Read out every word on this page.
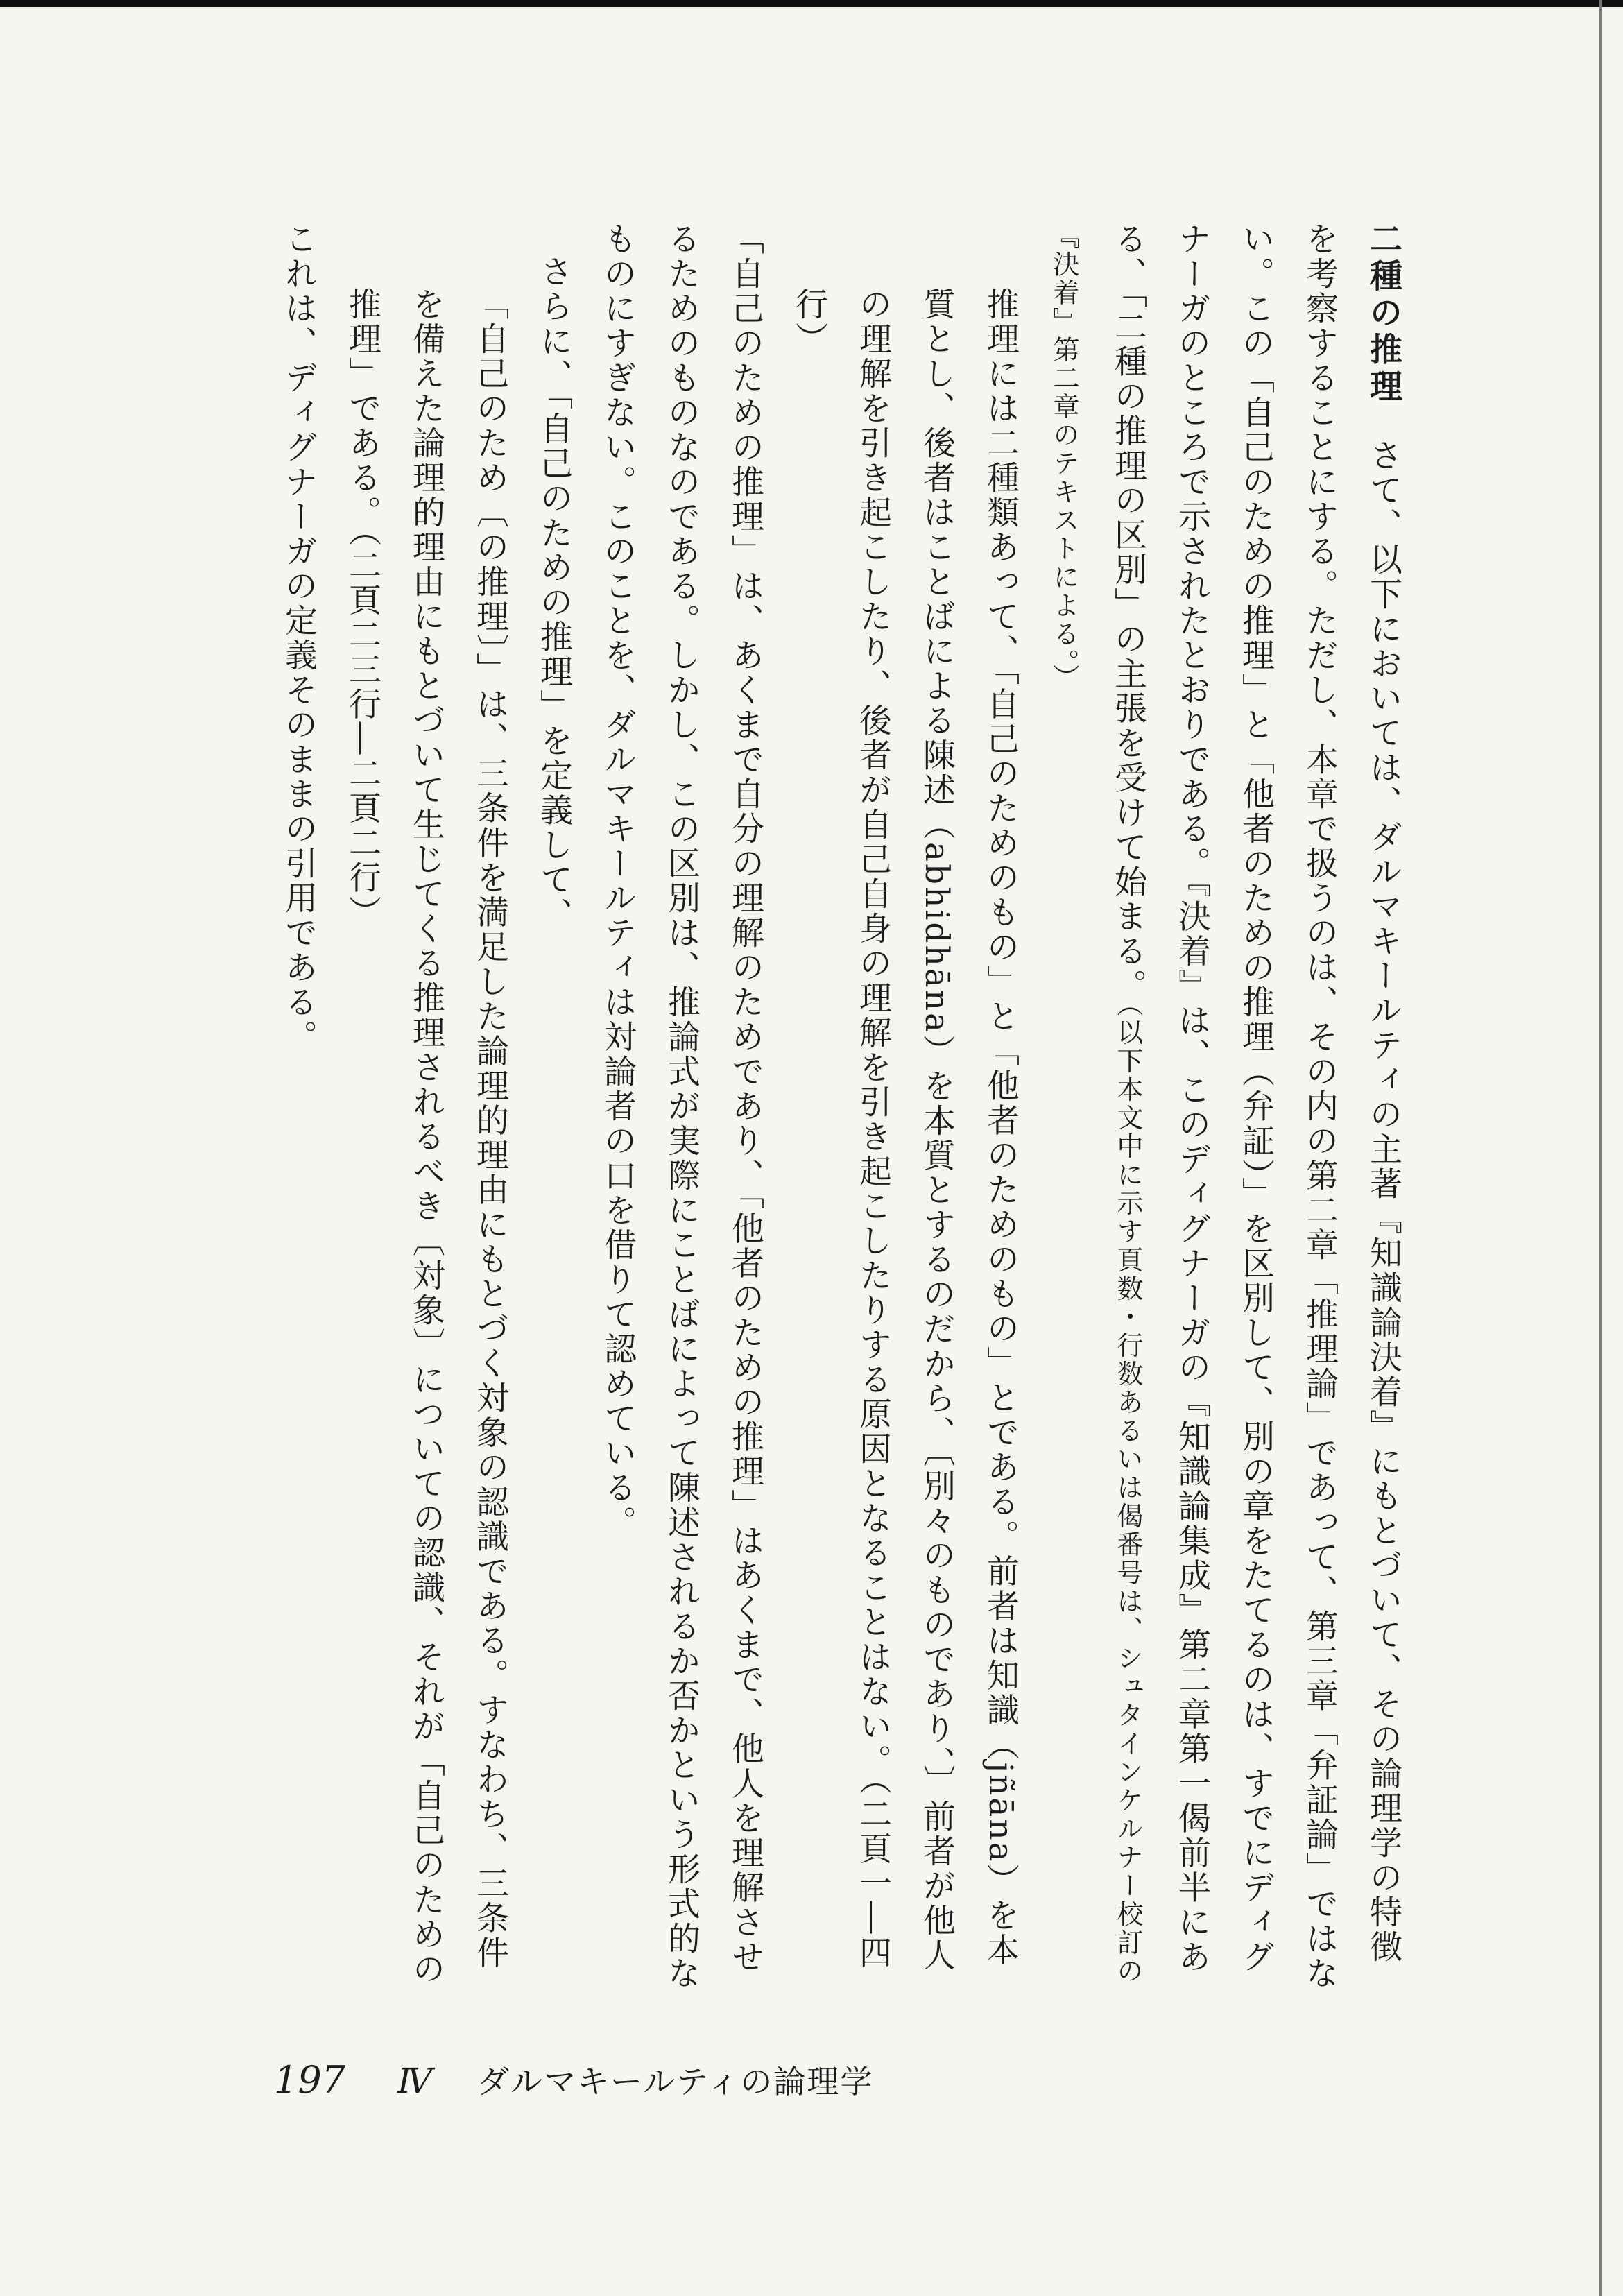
二種の推理さて、以下においては、ダルマキールティの主著『知識論決着』にもとづいて、その論理学の特徴を考察することにする。ただし、本章で扱うのは、その内の第二章「推理論」であって、第三章「弁証論」ではない。この「自己のための推理」と「他者のための推理（弁証）」を区別して、別の章をたてるのは、すでにディグナーガのところで示されたとおりである。『決着』は、このディグナーガの『知識論集成』第二章第一偈前半にある、「二種の推理の区別」の主張を受けて始まる。（以下本文中に示す頁数・行数あるいは偈番号は、シュタインケルナー校訂の『決着』第二章のテキストによる。）

推理には二種類あって、「自己のためのもの」と「他者のためのもの」とである。前者は知識（jñāna）を本質とし、後者はことばによる陳述（abhidhāna）を本質とするのだから、〔別々のものであり、〕前者が他人の理解を引き起こしたり、後者が自己自身の理解を引き起こしたりする原因となることはない。（二頁一―四行）

「自己のための推理」は、あくまで自分の理解のためであり、「他者のための推理」はあくまで、他人を理解させるためのものなのである。しかし、この区別は、推論式が実際にことばによって陳述されるか否かという形式的なものにすぎない。このことを、ダルマキールティは対論者の口を借りて認めている。

さらに、「自己のための推理」を定義して、

「自己のため〔の推理〕」は、三条件を満足した論理的理由にもとづく対象の認識である。すなわち、三条件を備えた論理的理由にもとづいて生じてくる推理されるべき〔対象〕についての認識、それが「自己のための推理」である。（二頁二三行―二頁二行）

これは、ディグナーガの定義そのままの引用である。

197 Ⅳ ダルマキールティの論理学
